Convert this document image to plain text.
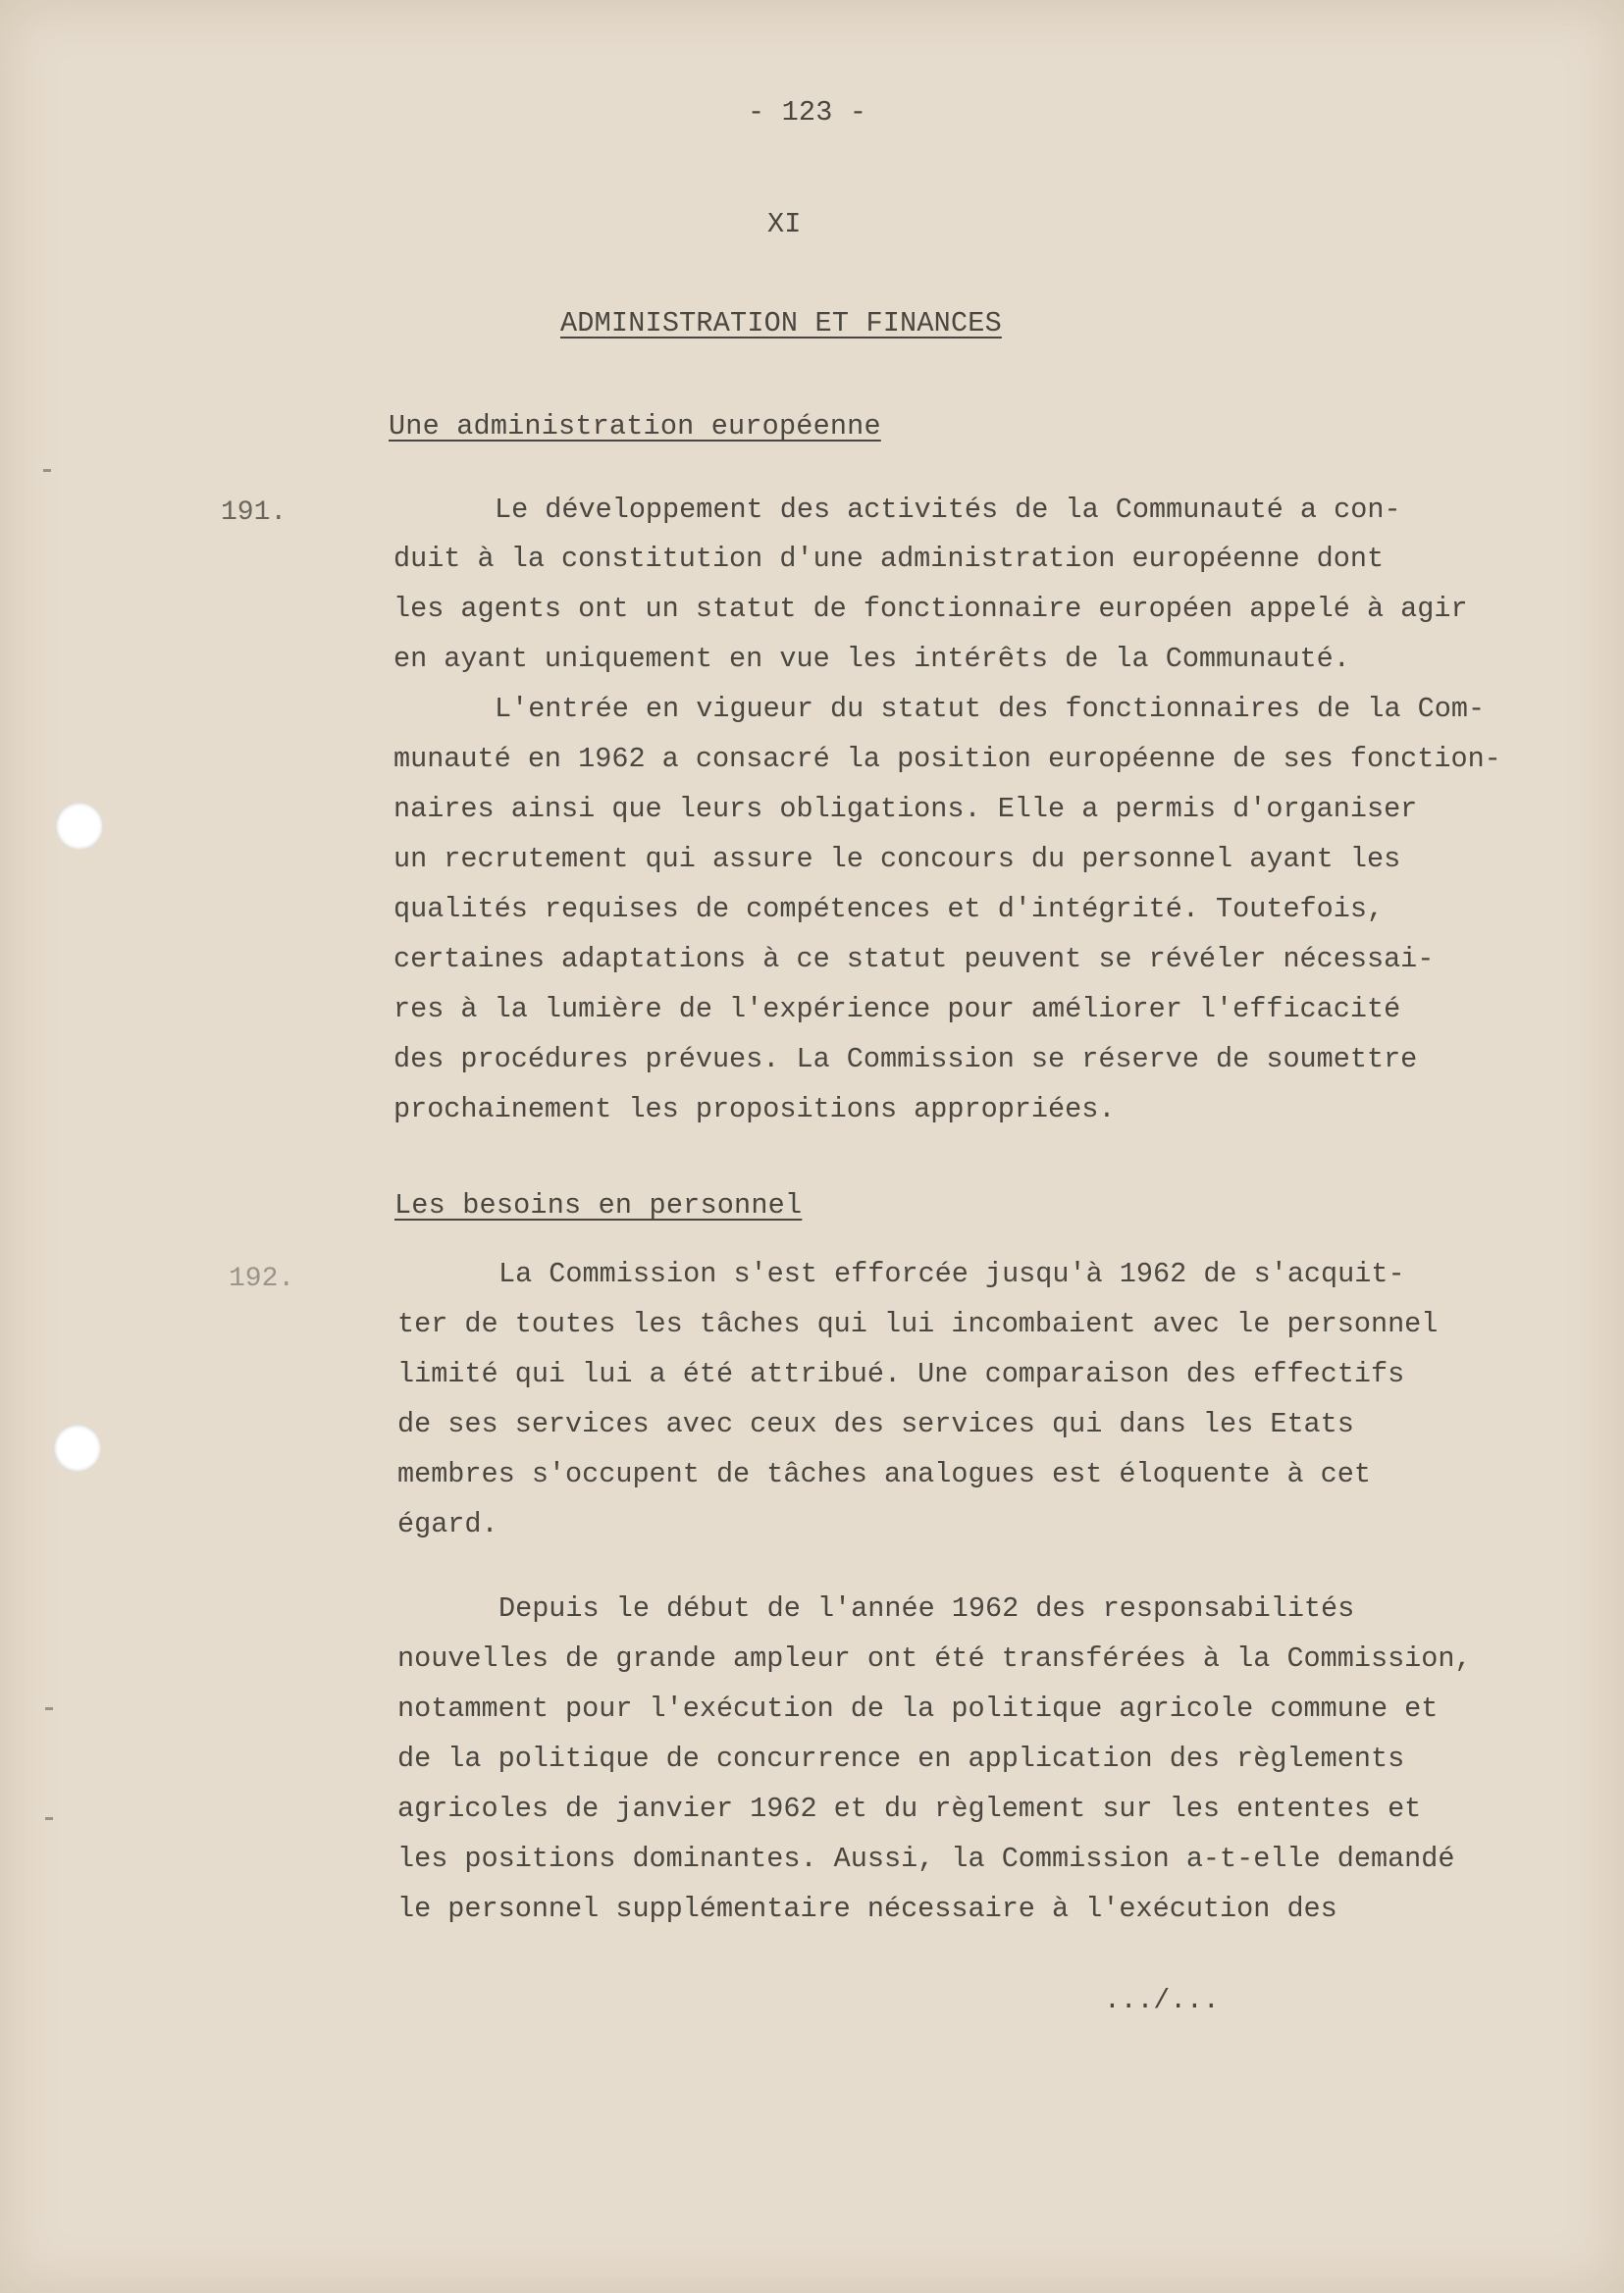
- 123 -
XI
ADMINISTRATION ET FINANCES
Une administration européenne
191.	Le développement des activités de la Communauté a con-
duit à la constitution d'une administration européenne dont
les agents ont un statut de fonctionnaire européen appelé à agir
en ayant uniquement en vue les intérêts de la Communauté.
L'entrée en vigueur du statut des fonctionnaires de la Com-
munauté en 1962 a consacré la position européenne de ses fonction-
naires ainsi que leurs obligations. Elle a permis d'organiser
un recrutement qui assure le concours du personnel ayant les
qualités requises de compétences et d'intégrité. Toutefois,
certaines adaptations à ce statut peuvent se révéler nécessai-
res à la lumière de l'expérience pour améliorer l'efficacité
des procédures prévues. La Commission se réserve de soumettre
prochainement les propositions appropriées.
Les besoins en personnel
192.	La Commission s'est efforcée jusqu'à 1962 de s'acquit-
ter de toutes les tâches qui lui incombaient avec le personnel
limité qui lui a été attribué. Une comparaison des effectifs
de ses services avec ceux des services qui dans les Etats
membres s'occupent de tâches analogues est éloquente à cet
égard.
Depuis le début de l'année 1962 des responsabilités
nouvelles de grande ampleur ont été transférées à la Commission,
notamment pour l'exécution de la politique agricole commune et
de la politique de concurrence en application des règlements
agricoles de janvier 1962 et du règlement sur les ententes et
les positions dominantes. Aussi, la Commission a-t-elle demandé
le personnel supplémentaire nécessaire à l'exécution des
.../...
